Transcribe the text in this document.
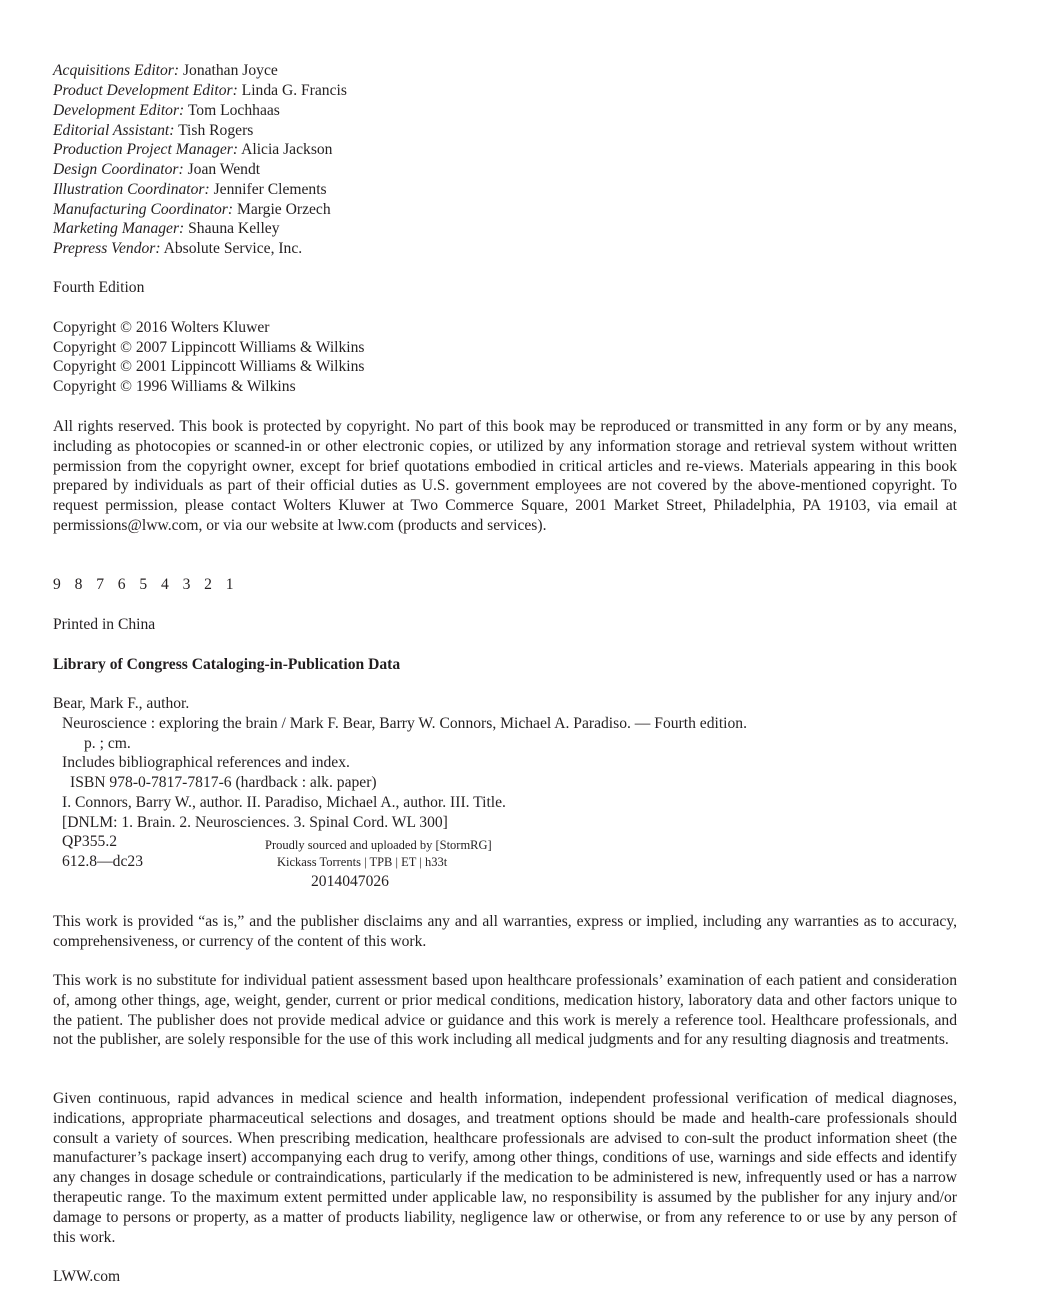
Acquisitions Editor: Jonathan Joyce
Product Development Editor: Linda G. Francis
Development Editor: Tom Lochhaas
Editorial Assistant: Tish Rogers
Production Project Manager: Alicia Jackson
Design Coordinator: Joan Wendt
Illustration Coordinator: Jennifer Clements
Manufacturing Coordinator: Margie Orzech
Marketing Manager: Shauna Kelley
Prepress Vendor: Absolute Service, Inc.
Fourth Edition
Copyright © 2016 Wolters Kluwer
Copyright © 2007 Lippincott Williams & Wilkins
Copyright © 2001 Lippincott Williams & Wilkins
Copyright © 1996 Williams & Wilkins
All rights reserved. This book is protected by copyright. No part of this book may be reproduced or transmitted in any form or by any means, including as photocopies or scanned-in or other electronic copies, or utilized by any information storage and retrieval system without written permission from the copyright owner, except for brief quotations embodied in critical articles and re-views. Materials appearing in this book prepared by individuals as part of their official duties as U.S. government employees are not covered by the above-mentioned copyright. To request permission, please contact Wolters Kluwer at Two Commerce Square, 2001 Market Street, Philadelphia, PA 19103, via email at permissions@lww.com, or via our website at lww.com (products and services).
9 8 7 6 5 4 3 2 1
Printed in China
Library of Congress Cataloging-in-Publication Data
Bear, Mark F., author.
Neuroscience : exploring the brain / Mark F. Bear, Barry W. Connors, Michael A. Paradiso. — Fourth edition.
p. ; cm.
Includes bibliographical references and index.
ISBN 978-0-7817-7817-6 (hardback : alk. paper)
I. Connors, Barry W., author. II. Paradiso, Michael A., author. III. Title.
[DNLM: 1. Brain. 2. Neurosciences. 3. Spinal Cord. WL 300]
QP355.2
612.8—dc23
2014047026
Proudly sourced and uploaded by [StormRG]
Kickass Torrents | TPB | ET | h33t
This work is provided “as is,” and the publisher disclaims any and all warranties, express or implied, including any warranties as to accuracy, comprehensiveness, or currency of the content of this work.
This work is no substitute for individual patient assessment based upon healthcare professionals’ examination of each patient and consideration of, among other things, age, weight, gender, current or prior medical conditions, medication history, laboratory data and other factors unique to the patient. The publisher does not provide medical advice or guidance and this work is merely a reference tool. Healthcare professionals, and not the publisher, are solely responsible for the use of this work including all medical judgments and for any resulting diagnosis and treatments.
Given continuous, rapid advances in medical science and health information, independent professional verification of medical diagnoses, indications, appropriate pharmaceutical selections and dosages, and treatment options should be made and health-care professionals should consult a variety of sources. When prescribing medication, healthcare professionals are advised to con-sult the product information sheet (the manufacturer’s package insert) accompanying each drug to verify, among other things, conditions of use, warnings and side effects and identify any changes in dosage schedule or contraindications, particularly if the medication to be administered is new, infrequently used or has a narrow therapeutic range. To the maximum extent permitted under applicable law, no responsibility is assumed by the publisher for any injury and/or damage to persons or property, as a matter of products liability, negligence law or otherwise, or from any reference to or use by any person of this work.
LWW.com
